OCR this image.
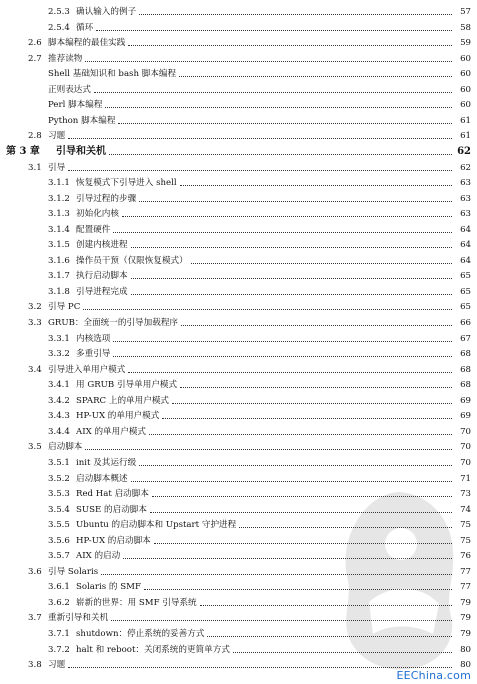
2.5.3 确认输入的例子	57
2.5.4 循环	58
2.6 脚本编程的最佳实践	59
2.7 推荐读物	60
Shell 基础知识和 bash 脚本编程	60
正则表达式	60
Perl 脚本编程	60
Python 脚本编程	61
2.8 习题	61
第 3 章 引导和关机	62
3.1 引导	62
3.1.1 恢复模式下引导进入 shell	63
3.1.2 引导过程的步骤	63
3.1.3 初始化内核	63
3.1.4 配置硬件	64
3.1.5 创建内核进程	64
3.1.6 操作员干预（仅限恢复模式）	64
3.1.7 执行启动脚本	65
3.1.8 引导进程完成	65
3.2 引导 PC	65
3.3 GRUB：全面统一的引导加载程序	66
3.3.1 内核选项	67
3.3.2 多重引导	68
3.4 引导进入单用户模式	68
3.4.1 用 GRUB 引导单用户模式	68
3.4.2 SPARC 上的单用户模式	69
3.4.3 HP-UX 的单用户模式	69
3.4.4 AIX 的单用户模式	70
3.5 启动脚本	70
3.5.1 init 及其运行级	70
3.5.2 启动脚本概述	71
3.5.3 Red Hat 启动脚本	73
3.5.4 SUSE 的启动脚本	74
3.5.5 Ubuntu 的启动脚本和 Upstart 守护进程	75
3.5.6 HP-UX 的启动脚本	75
3.5.7 AIX 的启动	76
3.6 引导 Solaris	77
3.6.1 Solaris 的 SMF	77
3.6.2 崭新的世界：用 SMF 引导系统	79
3.7 重新引导和关机	79
3.7.1 shutdown：停止系统的妥善方式	79
3.7.2 halt 和 reboot：关闭系统的更简单方式	80
3.8 习题	80
EEChina.com
